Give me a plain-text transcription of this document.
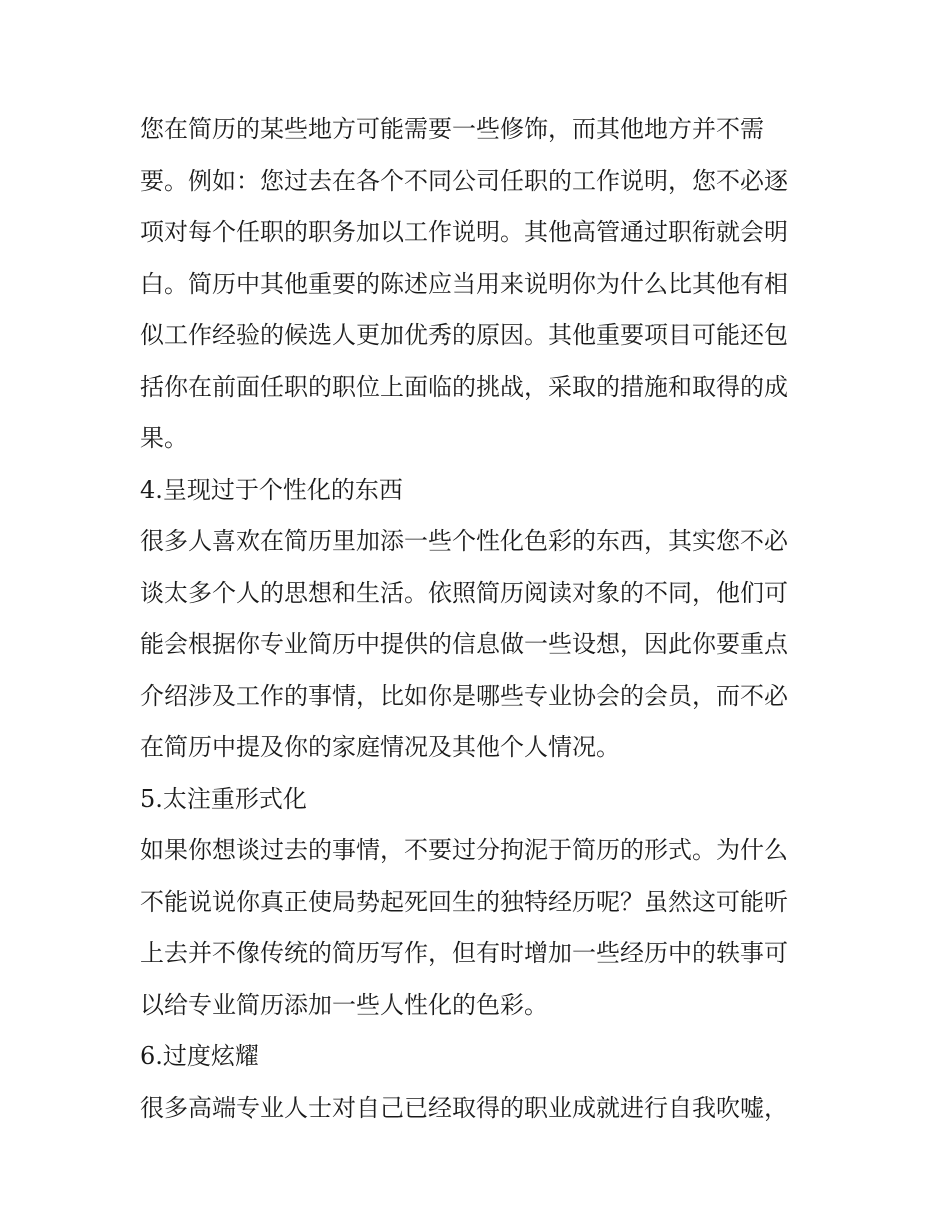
您在简历的某些地方可能需要一些修饰，而其他地方并不需
要。例如：您过去在各个不同公司任职的工作说明，您不必逐
项对每个任职的职务加以工作说明。其他高管通过职衔就会明
白。简历中其他重要的陈述应当用来说明你为什么比其他有相
似工作经验的候选人更加优秀的原因。其他重要项目可能还包
括你在前面任职的职位上面临的挑战，采取的措施和取得的成
果。
4.呈现过于个性化的东西
很多人喜欢在简历里加添一些个性化色彩的东西，其实您不必
谈太多个人的思想和生活。依照简历阅读对象的不同，他们可
能会根据你专业简历中提供的信息做一些设想，因此你要重点
介绍涉及工作的事情，比如你是哪些专业协会的会员，而不必
在简历中提及你的家庭情况及其他个人情况。
5.太注重形式化
如果你想谈过去的事情，不要过分拘泥于简历的形式。为什么
不能说说你真正使局势起死回生的独特经历呢？虽然这可能听
上去并不像传统的简历写作，但有时增加一些经历中的轶事可
以给专业简历添加一些人性化的色彩。
6.过度炫耀
很多高端专业人士对自己已经取得的职业成就进行自我吹嘘，
